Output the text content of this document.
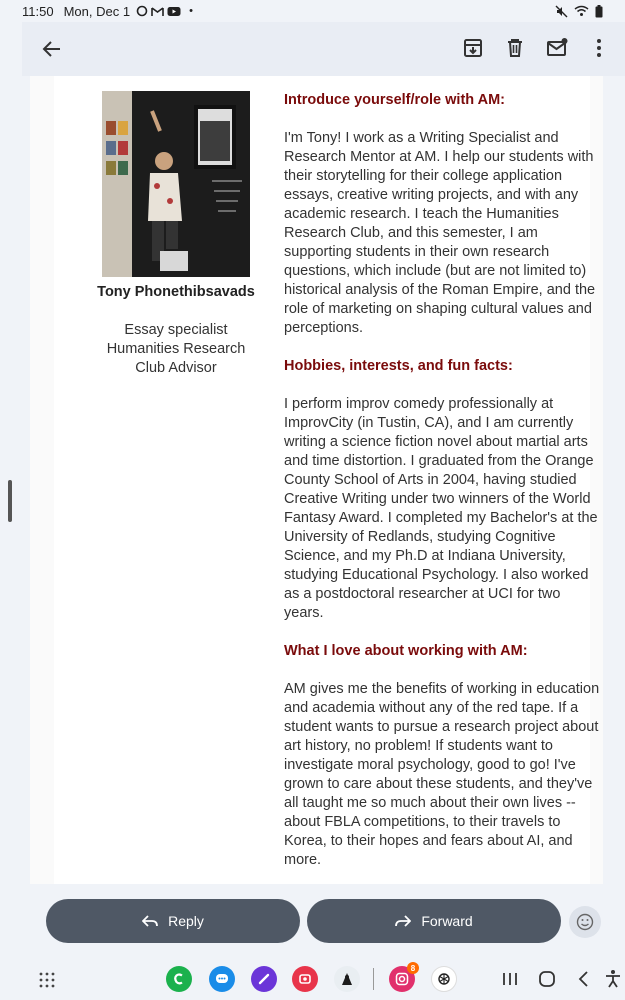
11:50 Mon, Dec 1	•
Tony Phonethibsavads
Essay specialist
Humanities Research Club Advisor
Introduce yourself/role with AM:

I'm Tony! I work as a Writing Specialist and Research Mentor at AM. I help our students with their storytelling for their college application essays, creative writing projects, and with any academic research. I teach the Humanities Research Club, and this semester, I am supporting students in their own research questions, which include (but are not limited to) historical analysis of the Roman Empire, and the role of marketing on shaping cultural values and perceptions.

Hobbies, interests, and fun facts:

I perform improv comedy professionally at ImprovCity (in Tustin, CA), and I am currently writing a science fiction novel about martial arts and time distortion. I graduated from the Orange County School of Arts in 2004, having studied Creative Writing under two winners of the World Fantasy Award. I completed my Bachelor's at the University of Redlands, studying Cognitive Science, and my Ph.D at Indiana University, studying Educational Psychology. I also worked as a postdoctoral researcher at UCI for two years.

What I love about working with AM:

AM gives me the benefits of working in education and academia without any of the red tape. If a student wants to pursue a research project about art history, no problem! If students want to investigate moral psychology, good to go! I've grown to care about these students, and they've all taught me so much about their own lives -- about FBLA competitions, to their travels to Korea, to their hopes and fears about AI, and more.

Reply	Forward
8
